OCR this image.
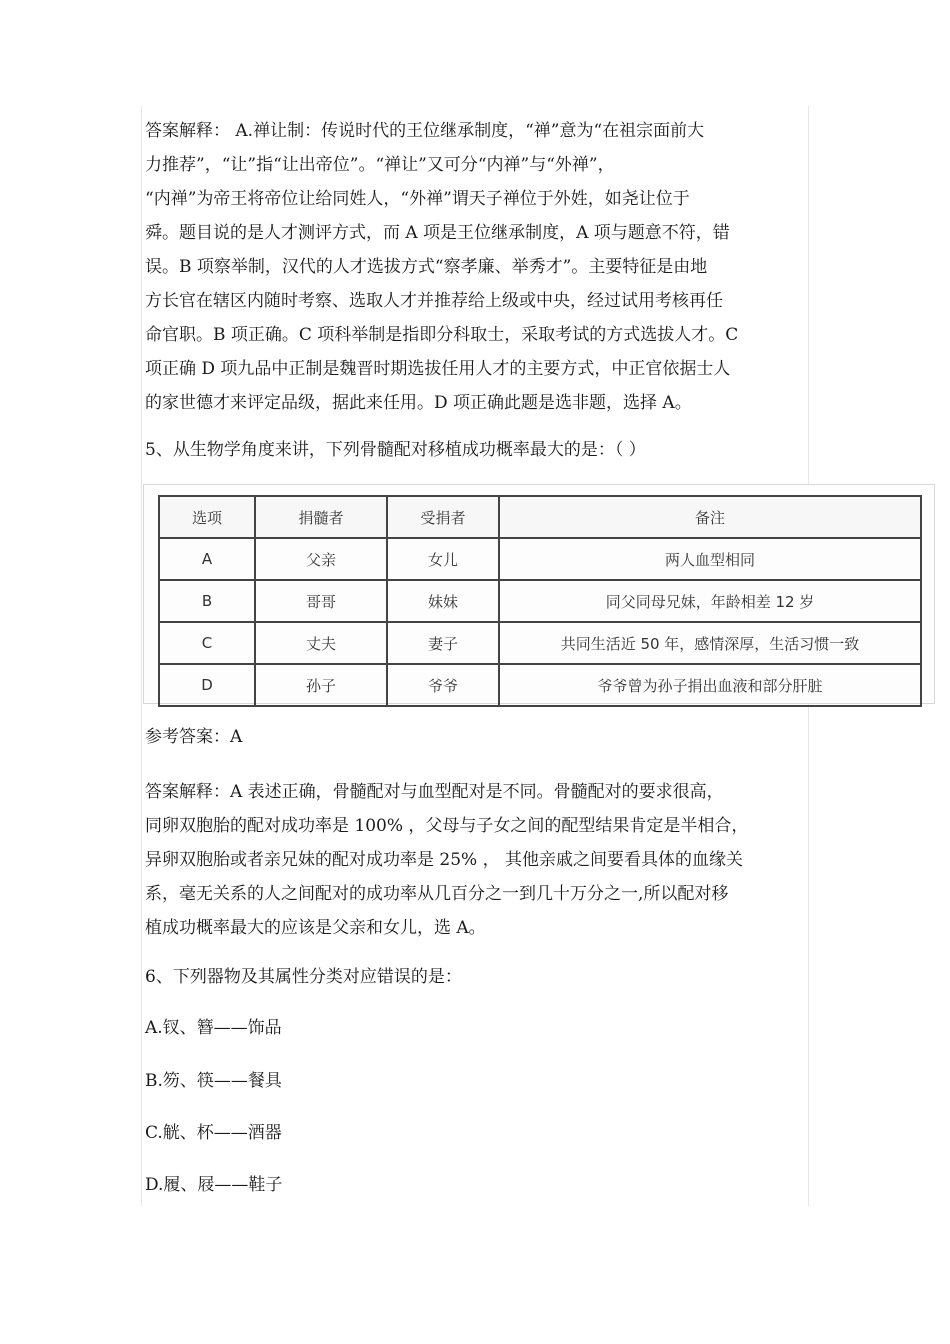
答案解释： A.禅让制：传说时代的王位继承制度，“禅”意为“在祖宗面前大
力推荐”，“让”指“让出帝位”。“禅让”又可分“内禅”与“外禅”，
“内禅”为帝王将帝位让给同姓人，“外禅”谓天子禅位于外姓，如尧让位于
舜。题目说的是人才测评方式，而 A 项是王位继承制度，A 项与题意不符，错
误。B 项察举制，汉代的人才选拔方式“察孝廉、举秀才”。主要特征是由地
方长官在辖区内随时考察、选取人才并推荐给上级或中央，经过试用考核再任
命官职。B 项正确。C 项科举制是指即分科取士，采取考试的方式选拔人才。C
项正确 D 项九品中正制是魏晋时期选拔任用人才的主要方式，中正官依据士人
的家世德才来评定品级，据此来任用。D 项正确此题是选非题，选择 A。
5、从生物学角度来讲，下列骨髓配对移植成功概率最大的是：（ ）
选项	捐髓者	受捐者	备注
A	父亲	女儿	两人血型相同
B	哥哥	妹妹	同父同母兄妹，年龄相差 12 岁
C	丈夫	妻子	共同生活近 50 年，感情深厚，生活习惯一致
D	孙子	爷爷	爷爷曾为孙子捐出血液和部分肝脏
参考答案：A
答案解释：A 表述正确，骨髓配对与血型配对是不同。骨髓配对的要求很高，
同卵双胞胎的配对成功率是 100% ，父母与子女之间的配型结果肯定是半相合，
异卵双胞胎或者亲兄妹的配对成功率是 25% ， 其他亲戚之间要看具体的血缘关
系，毫无关系的人之间配对的成功率从几百分之一到几十万分之一,所以配对移
植成功概率最大的应该是父亲和女儿，选 A。
6、下列器物及其属性分类对应错误的是：
A.钗、簪——饰品
B.笏、筷——餐具
C.觥、杯——酒器
D.履、屐——鞋子
